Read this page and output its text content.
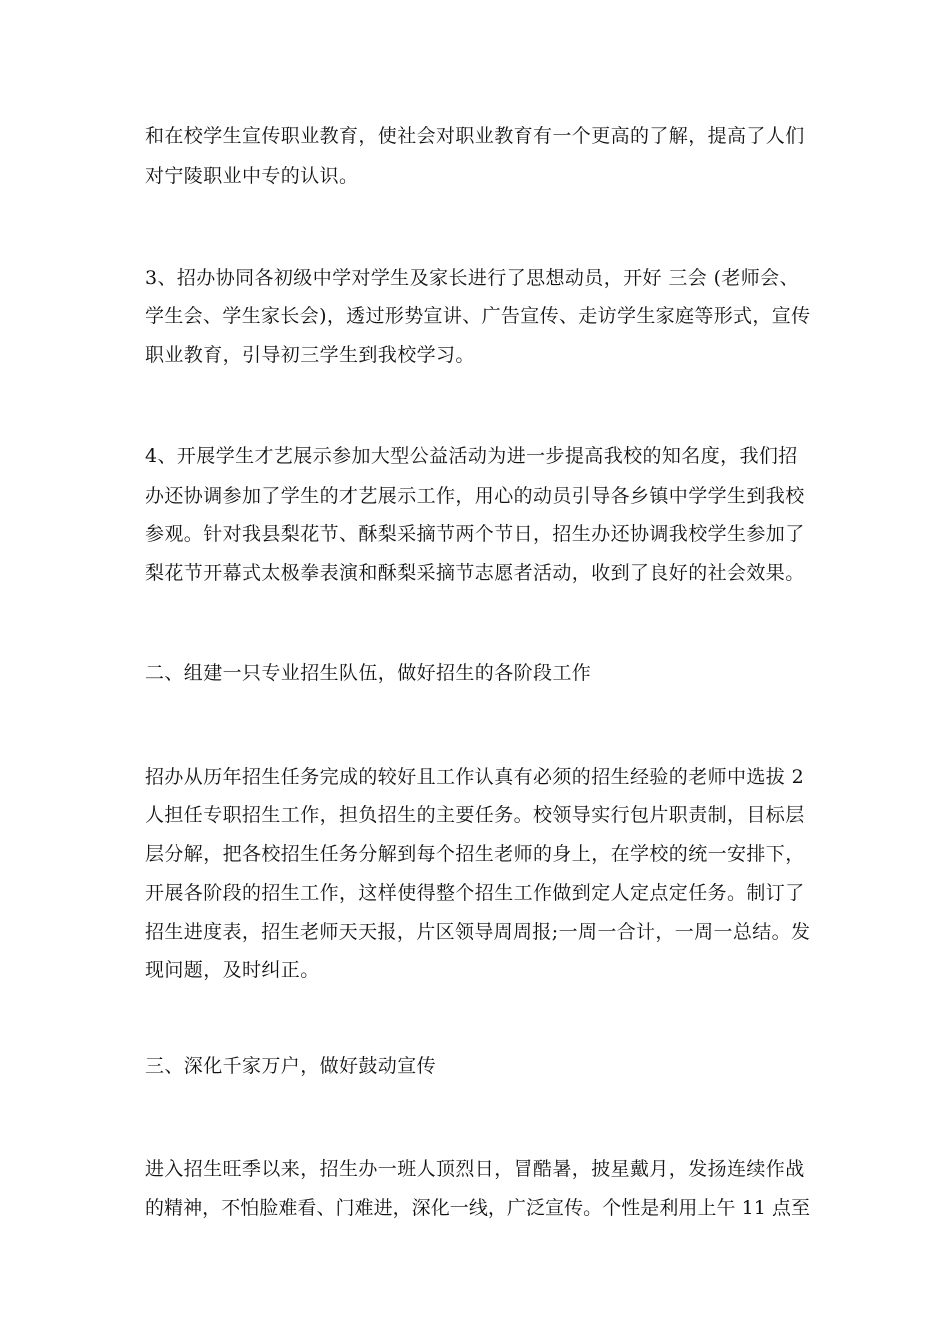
和在校学生宣传职业教育，使社会对职业教育有一个更高的了解，提高了人们
对宁陵职业中专的认识。
3、招办协同各初级中学对学生及家长进行了思想动员，开好 三会 (老师会、
学生会、学生家长会)，透过形势宣讲、广告宣传、走访学生家庭等形式，宣传
职业教育，引导初三学生到我校学习。
4、开展学生才艺展示参加大型公益活动为进一步提高我校的知名度，我们招
办还协调参加了学生的才艺展示工作，用心的动员引导各乡镇中学学生到我校
参观。针对我县梨花节、酥梨采摘节两个节日，招生办还协调我校学生参加了
梨花节开幕式太极拳表演和酥梨采摘节志愿者活动，收到了良好的社会效果。
二、组建一只专业招生队伍，做好招生的各阶段工作
招办从历年招生任务完成的较好且工作认真有必须的招生经验的老师中选拔 2
人担任专职招生工作，担负招生的主要任务。校领导实行包片职责制，目标层
层分解，把各校招生任务分解到每个招生老师的身上，在学校的统一安排下，
开展各阶段的招生工作，这样使得整个招生工作做到定人定点定任务。制订了
招生进度表，招生老师天天报，片区领导周周报;一周一合计，一周一总结。发
现问题，及时纠正。
三、深化千家万户，做好鼓动宣传
进入招生旺季以来，招生办一班人顶烈日，冒酷暑，披星戴月，发扬连续作战
的精神，不怕脸难看、门难进，深化一线，广泛宣传。个性是利用上午 11 点至
